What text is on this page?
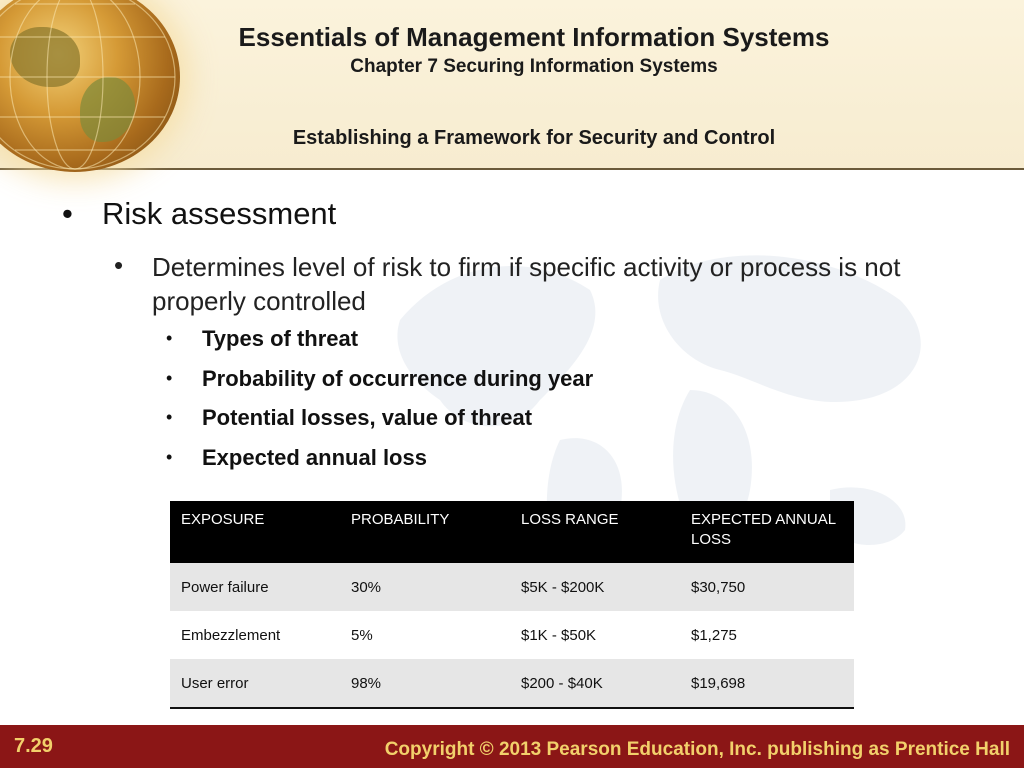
Essentials of Management Information Systems
Chapter 7 Securing Information Systems
Establishing a Framework for Security and Control
• Risk assessment
• Determines level of risk to firm if specific activity or process is not properly controlled
• Types of threat
• Probability of occurrence during year
• Potential losses, value of threat
• Expected annual loss
EXPOSURE	PROBABILITY	LOSS RANGE	EXPECTED ANNUAL LOSS
Power failure	30%	$5K - $200K	$30,750
Embezzlement	5%	$1K - $50K	$1,275
User error	98%	$200 - $40K	$19,698
7.29	Copyright © 2013 Pearson Education, Inc. publishing as Prentice Hall
